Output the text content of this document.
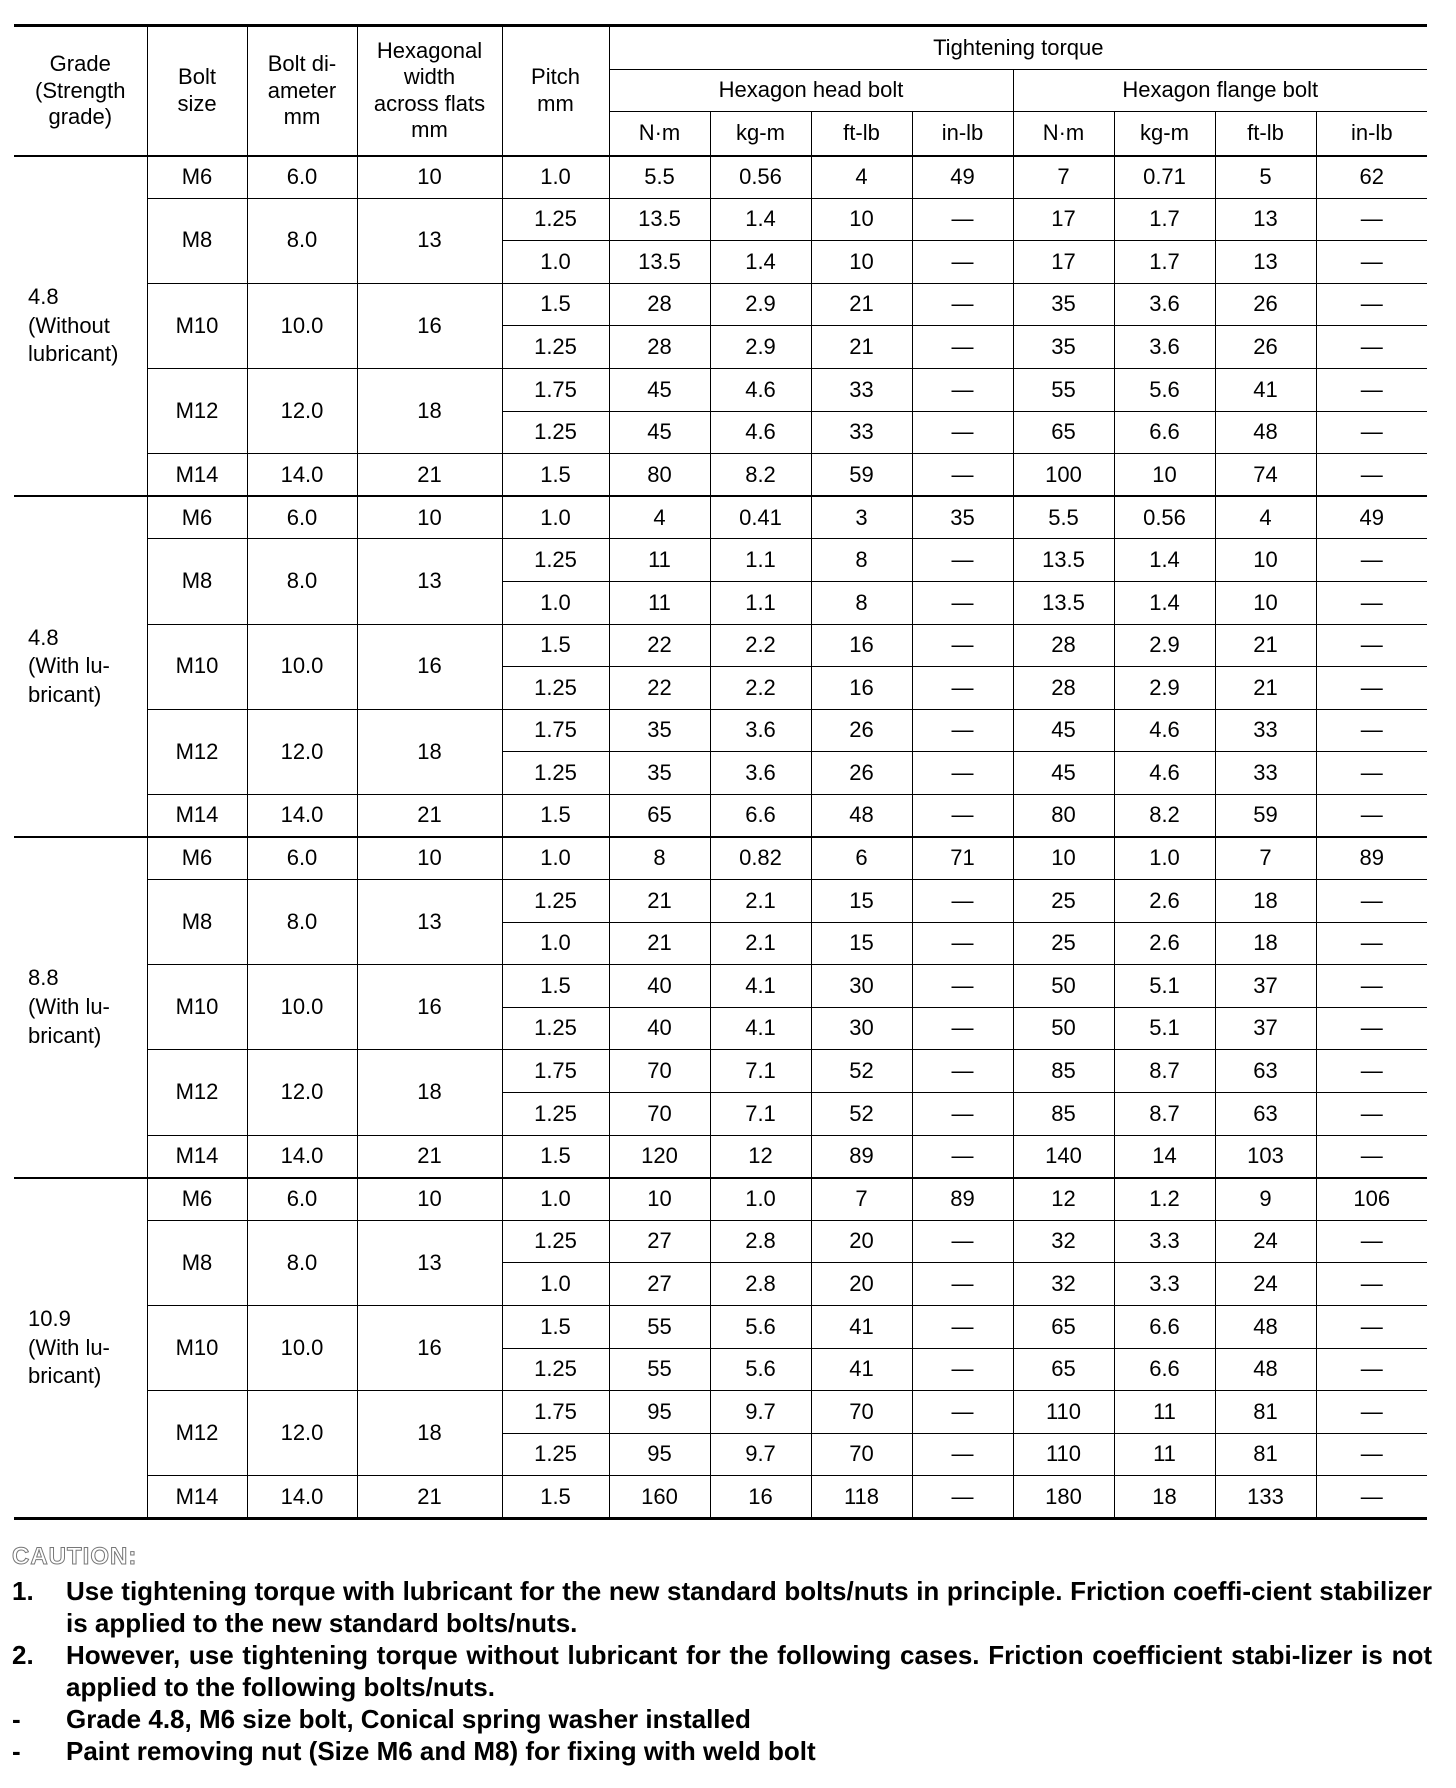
Grade
(Strength
grade)	Bolt
size	Bolt di-
ameter
mm	Hexagonal
width
across flats
mm	Pitch
mm	Tightening torque							
					Hexagon head bolt				Hexagon flange bolt			
					N·m	kg-m	ft-lb	in-lb	N·m	kg-m	ft-lb	in-lb

4.8
(Without
lubricant)	M6	6.0	10	1.0	5.5	0.56	4	49	7	0.71	5	62
	M8	8.0	13	1.25	13.5	1.4	10	—	17	1.7	13	—
				1.0	13.5	1.4	10	—	17	1.7	13	—
	M10	10.0	16	1.5	28	2.9	21	—	35	3.6	26	—
				1.25	28	2.9	21	—	35	3.6	26	—
	M12	12.0	18	1.75	45	4.6	33	—	55	5.6	41	—
				1.25	45	4.6	33	—	65	6.6	48	—
	M14	14.0	21	1.5	80	8.2	59	—	100	10	74	—
4.8
(With lu-
bricant)	M6	6.0	10	1.0	4	0.41	3	35	5.5	0.56	4	49
	M8	8.0	13	1.25	11	1.1	8	—	13.5	1.4	10	—
				1.0	11	1.1	8	—	13.5	1.4	10	—
	M10	10.0	16	1.5	22	2.2	16	—	28	2.9	21	—
				1.25	22	2.2	16	—	28	2.9	21	—
	M12	12.0	18	1.75	35	3.6	26	—	45	4.6	33	—
				1.25	35	3.6	26	—	45	4.6	33	—
	M14	14.0	21	1.5	65	6.6	48	—	80	8.2	59	—
8.8
(With lu-
bricant)	M6	6.0	10	1.0	8	0.82	6	71	10	1.0	7	89
	M8	8.0	13	1.25	21	2.1	15	—	25	2.6	18	—
				1.0	21	2.1	15	—	25	2.6	18	—
	M10	10.0	16	1.5	40	4.1	30	—	50	5.1	37	—
				1.25	40	4.1	30	—	50	5.1	37	—
	M12	12.0	18	1.75	70	7.1	52	—	85	8.7	63	—
				1.25	70	7.1	52	—	85	8.7	63	—
	M14	14.0	21	1.5	120	12	89	—	140	14	103	—
10.9
(With lu-
bricant)	M6	6.0	10	1.0	10	1.0	7	89	12	1.2	9	106
	M8	8.0	13	1.25	27	2.8	20	—	32	3.3	24	—
				1.0	27	2.8	20	—	32	3.3	24	—
	M10	10.0	16	1.5	55	5.6	41	—	65	6.6	48	—
				1.25	55	5.6	41	—	65	6.6	48	—
	M12	12.0	18	1.75	95	9.7	70	—	110	11	81	—
				1.25	95	9.7	70	—	110	11	81	—
	M14	14.0	21	1.5	160	16	118	—	180	18	133	—
CAUTION:
1.	Use tightening torque with lubricant for the new standard bolts/nuts in principle. Friction coeffi-cient stabilizer is applied to the new standard bolts/nuts.
2.	However, use tightening torque without lubricant for the following cases. Friction coefficient stabi-lizer is not applied to the following bolts/nuts.
-	Grade 4.8, M6 size bolt, Conical spring washer installed
-	Paint removing nut (Size M6 and M8) for fixing with weld bolt
